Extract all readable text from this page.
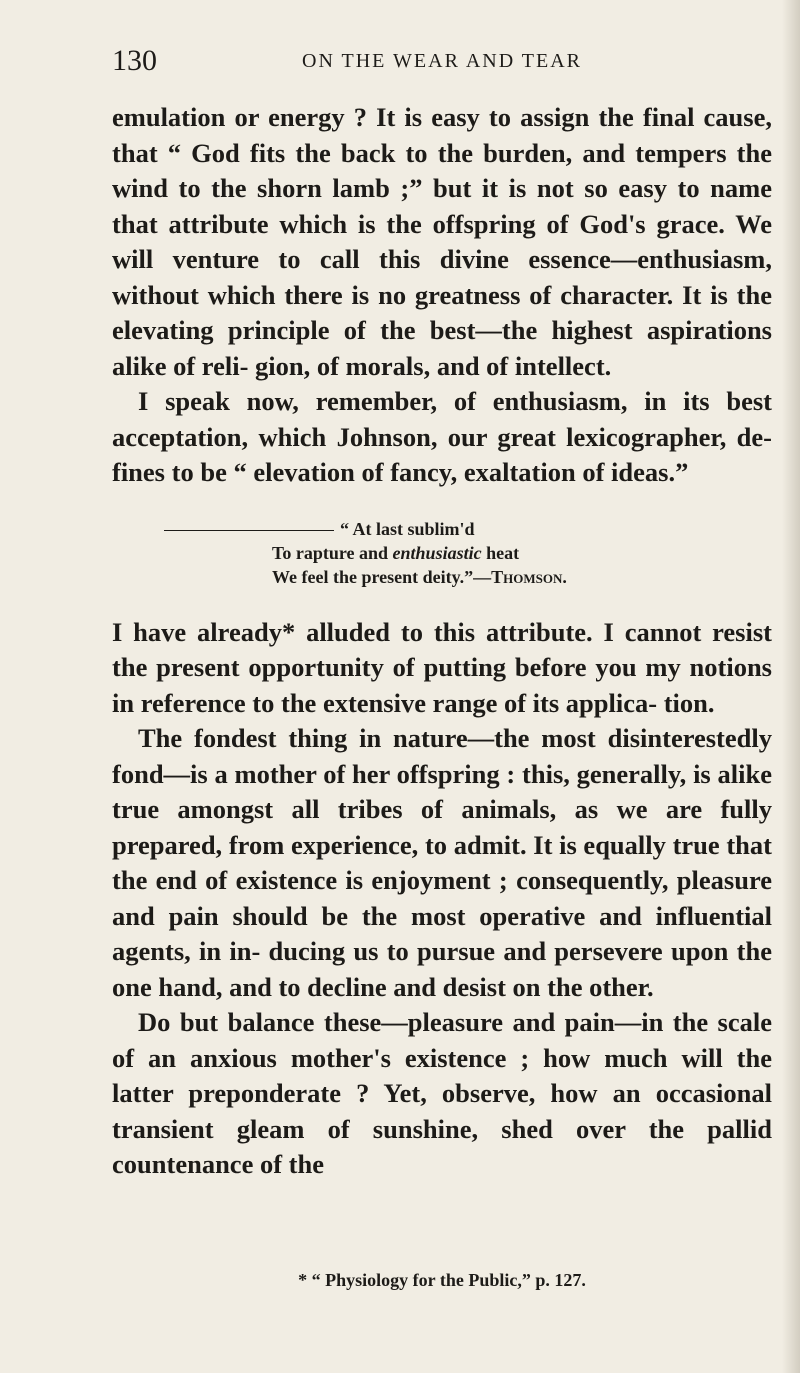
130	ON THE WEAR AND TEAR

emulation or energy ? It is easy to assign the final cause, that “ God fits the back to the burden, and tempers the wind to the shorn lamb ;” but it is not so easy to name that attribute which is the offspring of God's grace. We will venture to call this divine essence—enthusiasm, without which there is no greatness of character. It is the elevating principle of the best—the highest aspirations alike of reli- gion, of morals, and of intellect.

I speak now, remember, of enthusiasm, in its best acceptation, which Johnson, our great lexicographer, de- fines to be “ elevation of fancy, exaltation of ideas.”

“ At last sublim'd
To rapture and enthusiastic heat
We feel the present deity.”—Thomson.

I have already* alluded to this attribute. I cannot resist the present opportunity of putting before you my notions in reference to the extensive range of its applica- tion.

The fondest thing in nature—the most disinterestedly fond—is a mother of her offspring : this, generally, is alike true amongst all tribes of animals, as we are fully prepared, from experience, to admit. It is equally true that the end of existence is enjoyment ; consequently, pleasure and pain should be the most operative and influential agents, in in- ducing us to pursue and persevere upon the one hand, and to decline and desist on the other.

Do but balance these—pleasure and pain—in the scale of an anxious mother's existence ; how much will the latter preponderate ? Yet, observe, how an occasional transient gleam of sunshine, shed over the pallid countenance of the

* “ Physiology for the Public,” p. 127.
